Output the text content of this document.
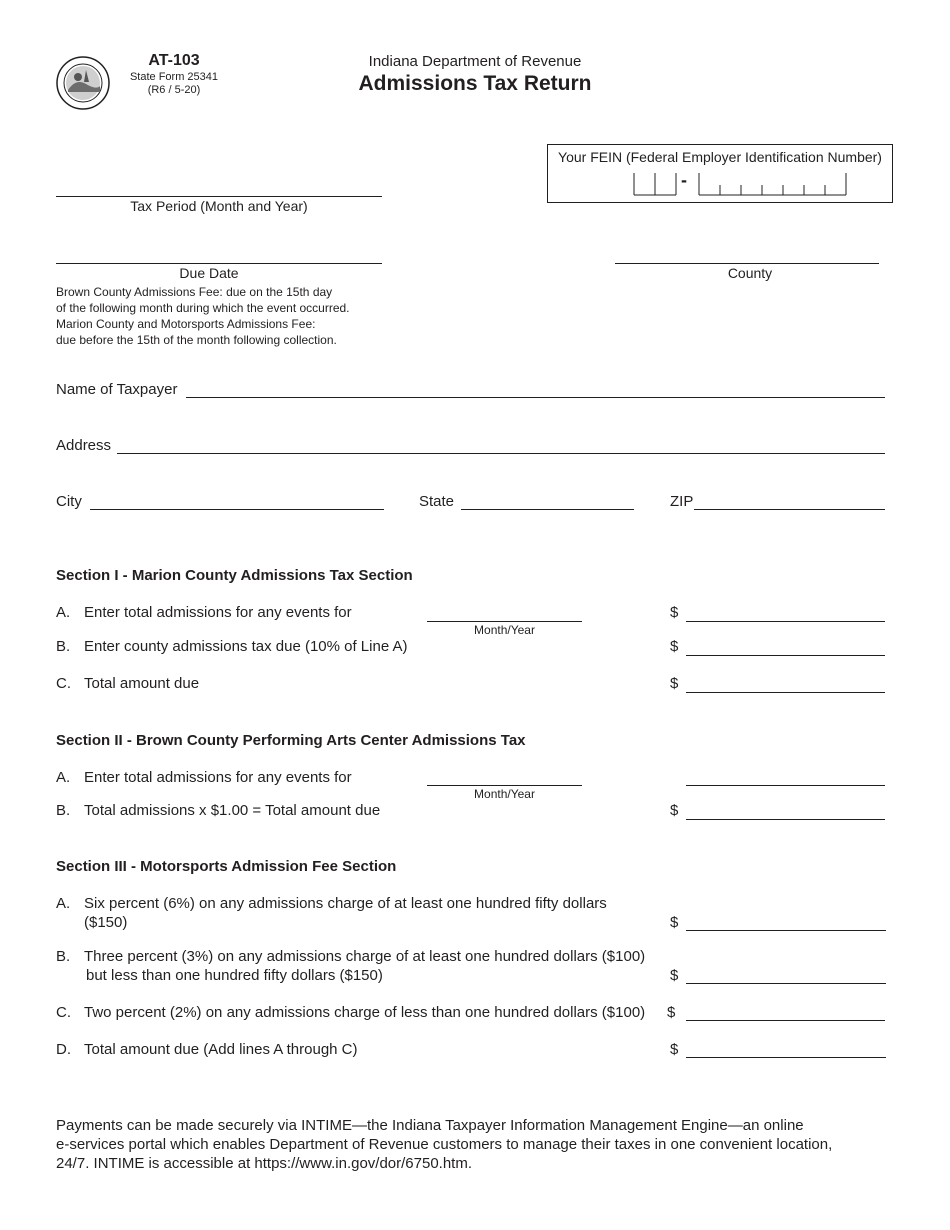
AT-103
State Form 25341
(R6 / 5-20)
Indiana Department of Revenue
Admissions Tax Return
Your FEIN (Federal Employer Identification Number)
-
Tax Period (Month and Year)
Due Date	County
Brown County Admissions Fee: due on the 15th day
of the following month during which the event occurred.
Marion County and Motorsports Admissions Fee:
due before the 15th of the month following collection.
Name of Taxpayer
Address
City	State	ZIP
Section I - Marion County Admissions Tax Section
A. Enter total admissions for any events for
Month/Year
$
B. Enter county admissions tax due (10% of Line A)	$
C. Total amount due	$
Section II - Brown County Performing Arts Center Admissions Tax
A. Enter total admissions for any events for
Month/Year
B. Total admissions x $1.00 = Total amount due	$
Section III - Motorsports Admission Fee Section
A. Six percent (6%) on any admissions charge of at least one hundred fifty dollars
($150)	$
B. Three percent (3%) on any admissions charge of at least one hundred dollars ($100)
but less than one hundred fifty dollars ($150)	$
C. Two percent (2%) on any admissions charge of less than one hundred dollars ($100) $
D. Total amount due (Add lines A through C)	$
Payments can be made securely via INTIME—the Indiana Taxpayer Information Management Engine—an online
e-services portal which enables Department of Revenue customers to manage their taxes in one convenient location,
24/7. INTIME is accessible at https://www.in.gov/dor/6750.htm.
